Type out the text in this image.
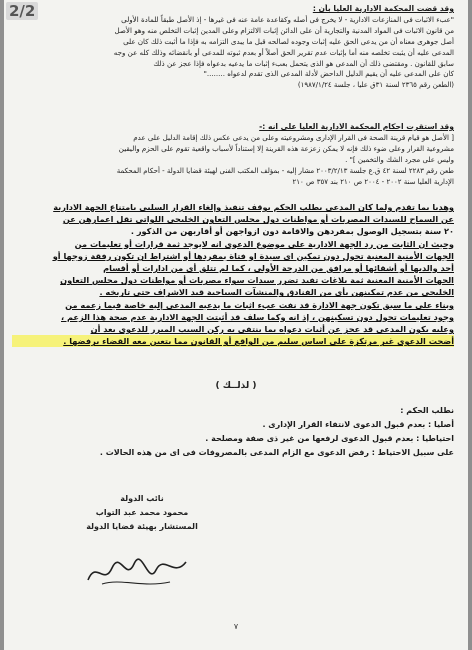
2/2	وقد قضت المحكمة الادارية العليا بأن :
"عبء الاثبات فى المنازعات الادارية - لا يخرج فى أصله وكقاعدة عامة عنه فى غيرها - إذ الأصل طبقاً للمادة الأولى
من قانون الاثبات فى المواد المدنية والتجارية أن على الدائن إثبات الالتزام وعلى المدين إثبات التخلص منه وهو الأصل
أصل جوهرى معناه أن من يدعى الحق عليه إثبات وجوده لصالحه قبل ما يبدى التزامه به فإذا ما أثبت ذلك كان على
المدعى عليه أن يثبت تخلصه منه أما بإثبات عدم تقرير الحق أصلاً أو بعدم ثبوته للمدعى أو بانقضائه وذلك كله عن وجه
سابق للقانون . ومقتضى ذلك أن المدعى هو الذى يتحمل بعبء إثبات ما يدعيه بدعواه فإذا عجز عن ذلك
كان على المدعى عليه أن يقيم الدليل الداحض لأدلة المدعى الذى تقدم لدعواه ........"
(الطعن رقم ٢٣٦٥ لسنة ٣١ق عليا ، جلسة ١٩٨٧/١/٢٤)
وقد استقرت احكام المحكمة الادارية العليا على انه :-
[ الأصل هو قيام قرينة الصحة فى القرار الإدارى ومشروعيته وعلى من يدعى عكس ذلك إقامة الدليل على عدم
مشروعية القرار وعلى ضوء ذلك فإنه لا يمكن زعزعة هذه القرينة إلا إستناداً لأسباب واقعية تقوم على الحزم واليقين
وليس على مجرد الشك والتخمين ]" .
طعن رقم ٢٢٨٣ لسنة ٤٢ ق.ع جلسة ٢٠٠٣/٢/١٣ مشار إليه - بمؤلف المكتب الفنى لهيئة قضايا الدولة - أحكام المحكمة
الإدارية العليا سنة ٢٠٠٢ - ٢٠٠٤ ص ٢١٠ بند ٣٥٧ ص ٢١٠
وهديا بما تقدم ولما كان المدعى يطلب الحكم بوقف تنفيذ وإلغاء القرار السلبى بامتناع الجهة الادارية
عن السماح للسيدات المصريات أو مواطنات دول مجلس التعاون الخليجى اللواتى تقل اعمارهن عن
٢٠ سنة بتسجيل الوصول بمفردهن والاقامة دون ازواجهن أو أقاربهن من الذكور .
وحيث ان الثابت من رد الجهة الادارية على موضوع الدعوى انه لايوجد ثمة قرارات أو تعليمات من
الجهات الأمنية المعنية تحول دون تمكين اى سيدة او فتاة بمفردها أو اشتراط ان تكون رفقة زوجها أو
أحد والديها أو أشقائها أو مرافق من الدرجة الأولى ، كما لم تتلق أى من ادارات أو أقسام
الجهات الأمنية المعنية ثمة بلاغات تفيد تضرر سيدات سواء مصريات أو مواطنات دول مجلس التعاون
الخليجى من عدم تمكينهن بأى من الفنادق والمنشآت السياحية قيد الاشراف حتى تاريخه .
وبناء على ما سبق تكون جهة الادارة قد نفت عبء اثبات ما يدعيه المدعى إليه خاصة فيما زعمه من
وجود تعليمات تحول دون تسكينهن ، إذ انه وكما سلف قد أثبتت الجهة الادارية عدم صحة هذا الزعم ،
وعليه يكون المدعى قد عجز عن أثبات دعواه بما ينتفى به ركن السبب المبرر للدعوى بعد أن
أضحت الدعوى غير مرتكزة على اساس سليم من الواقع أو القانون مما يتعين معه القضاء برفضها .
( لذلــك )
نطلب الحكم :
أصليا : بعدم قبول الدعوى لانتفاء القرار الإدارى .
احتياطيا : بعدم قبول الدعوى لرفعها من غير ذى صفة ومصلحة .
على سبيل الاحتياط : رفض الدعوى مع الزام المدعى بالمصروفات فى اى من هذه الحالات .
نائب الدولة
محمود محمد عبد التواب
المستشار بهيئة قضايا الدولة
٧
